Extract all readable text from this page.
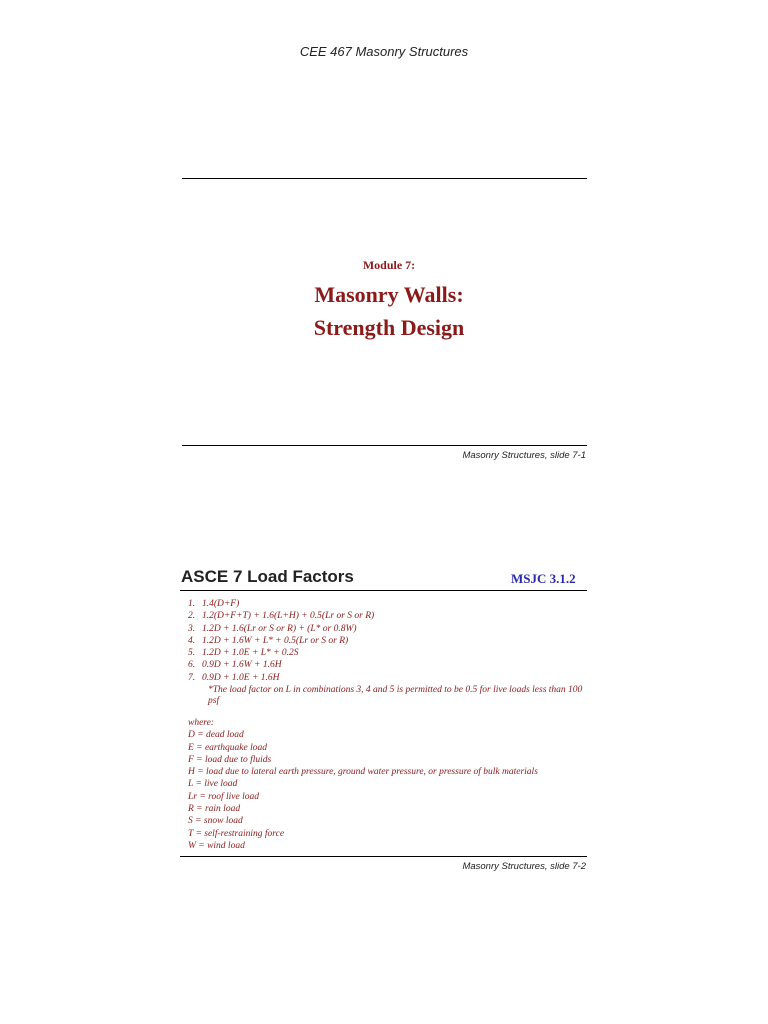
CEE 467 Masonry Structures
Module 7:
Masonry Walls:
Strength Design
Masonry Structures, slide 7-1
ASCE 7 Load Factors	MSJC 3.1.2
1. 1.4(D+F)
2. 1.2(D+F+T) + 1.6(L+H) + 0.5(Lr or S or R)
3. 1.2D + 1.6(Lr or S or R) + (L* or 0.8W)
4. 1.2D + 1.6W + L* + 0.5(Lr or S or R)
5. 1.2D + 1.0E + L* + 0.2S
6. 0.9D + 1.6W + 1.6H
7. 0.9D + 1.0E + 1.6H
*The load factor on L in combinations 3, 4 and 5 is permitted to be 0.5 for live loads less than 100 psf
where:
D = dead load
E = earthquake load
F = load due to fluids
H = load due to lateral earth pressure, ground water pressure, or pressure of bulk materials
L = live load
Lr = roof live load
R = rain load
S = snow load
T = self-restraining force
W = wind load
Masonry Structures, slide 7-2
